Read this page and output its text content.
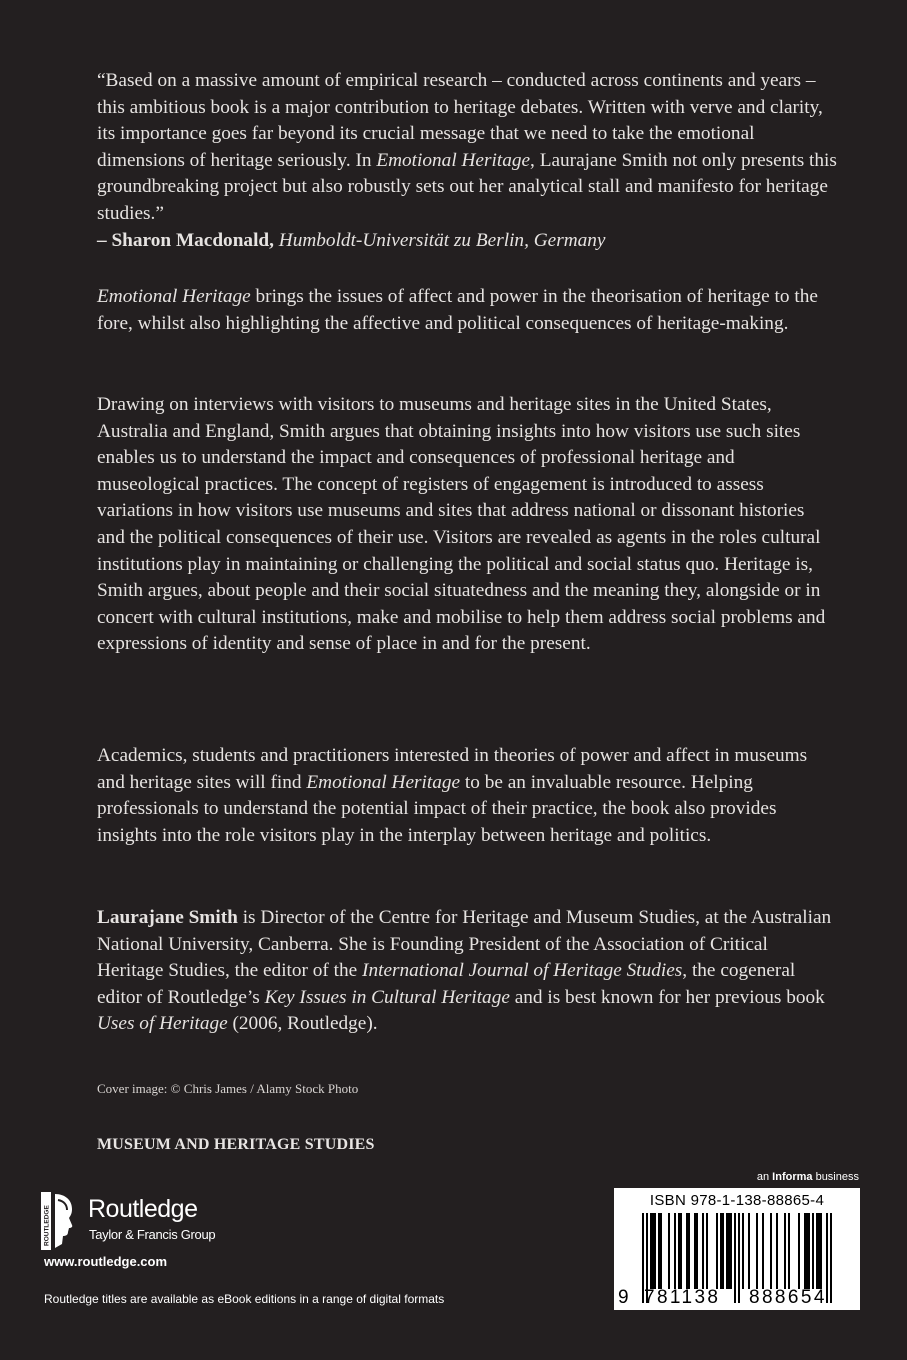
“Based on a massive amount of empirical research – conducted across continents and years – this ambitious book is a major contribution to heritage debates. Written with verve and clarity, its importance goes far beyond its crucial message that we need to take the emotional dimensions of heritage seriously. In Emotional Heritage, Laurajane Smith not only presents this groundbreaking project but also robustly sets out her analytical stall and manifesto for heritage studies.”
– Sharon Macdonald, Humboldt-Universität zu Berlin, Germany

Emotional Heritage brings the issues of affect and power in the theorisation of heritage to the fore, whilst also highlighting the affective and political consequences of heritage-making.

Drawing on interviews with visitors to museums and heritage sites in the United States, Australia and England, Smith argues that obtaining insights into how visitors use such sites enables us to understand the impact and consequences of professional heritage and museological practices. The concept of registers of engagement is introduced to assess variations in how visitors use museums and sites that address national or dissonant histories and the political consequences of their use. Visitors are revealed as agents in the roles cultural institutions play in maintaining or challenging the political and social status quo. Heritage is, Smith argues, about people and their social situatedness and the meaning they, alongside or in concert with cultural institutions, make and mobilise to help them address social problems and expressions of identity and sense of place in and for the present.

Academics, students and practitioners interested in theories of power and affect in museums and heritage sites will find Emotional Heritage to be an invaluable resource. Helping professionals to understand the potential impact of their practice, the book also provides insights into the role visitors play in the interplay between heritage and politics.

Laurajane Smith is Director of the Centre for Heritage and Museum Studies, at the Australian National University, Canberra. She is Founding President of the Association of Critical Heritage Studies, the editor of the International Journal of Heritage Studies, the cogeneral editor of Routledge’s Key Issues in Cultural Heritage and is best known for her previous book Uses of Heritage (2006, Routledge).

Cover image: © Chris James / Alamy Stock Photo
MUSEUM AND HERITAGE STUDIES
an Informa business
ROUTLEDGE Routledge
Taylor & Francis Group
www.routledge.com
Routledge titles are available as eBook editions in a range of digital formats
ISBN 978-1-138-88865-4
9 781138 888654
